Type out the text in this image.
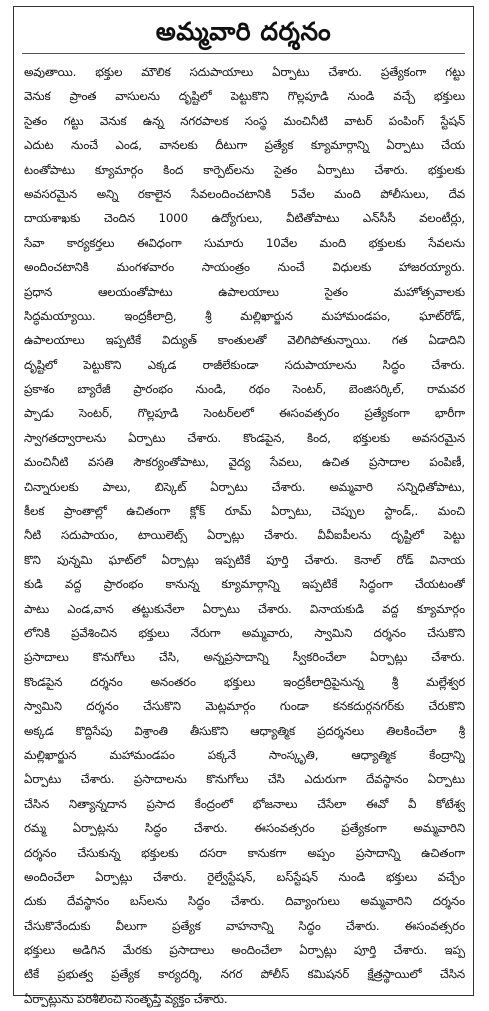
అమ్మవారి దర్శనం
అవుతాయి. భక్తుల మౌలిక సదుపాయాలు ఏర్పాటు చేశారు. ప్రత్యేకంగా గట్టు
వెనుక ప్రాంత వాసులను దృష్టిలో పెట్టుకొని గొల్లపూడి నుండి వచ్చే భక్తులు
సైతం గట్టు వెనుక ఉన్న నగరపాలక సంస్థ మంచినీటి వాటర్ పంపింగ్ స్టేషన్
ఎదుట నుంచే ఎండ, వానలకు దీటుగా ప్రత్యేక క్యూమార్గాన్ని ఏర్పాటు చేయ
టంతోపాటు క్యూమార్గం కింద కార్పెట్‌లను సైతం ఏర్పాటు చేశారు. భక్తులకు
అవసరమైన అన్ని రకాలైన సేవలందించటానికి 5వేల మంది పోలీసులు, దేవ
దాయశాఖకు చెందిన 1000 ఉద్యోగులు, వీటితోపాటు ఎన్‌సీసీ వలంటీర్లు,
సేవా కార్యకర్తలు ఈవిధంగా సుమారు 10వేల మంది భక్తులకు సేవలను
అందించటానికి మంగళవారం సాయంత్రం నుంచే విధులకు హాజరయ్యారు.
ప్రధాన ఆలయంతోపాటు ఉపాలయాలు సైతం మహోత్సవాలకు
సిద్ధమయ్యాయి. ఇంద్రకీలాద్రి, శ్రీ మల్లిఖార్జున మహామండపం, ఘాట్‌రోడ్,
ఉపాలయాలు ఇప్పటికే విద్యుత్ కాంతులతో వెలిగిపోతున్నాయి. గత ఏడాదిని
దృష్టిలో పెట్టుకొని ఎక్కడ రాజీలేకుండా సదుపాయాలను సిద్ధం చేశారు.
ప్రకాశం బ్యారేజీ ప్రారంభం నుండి, రథం సెంటర్, బెంజిసర్కిల్, రామవర
ప్పాడు సెంటర్, గొల్లపూడి సెంటర్‌లలో ఈసంవత్సరం ప్రత్యేకంగా భారీగా
స్వాగతద్వారాలను ఏర్పాటు చేశారు. కొండపైన, కింద, భక్తులకు అవసరమైన
మంచినీటి వసతి సౌకర్యంతోపాటు, వైద్య సేవలు, ఉచిత ప్రసాదాల పంపిణీ,
చిన్నారులకు పాలు, బిస్కెట్ ఏర్పాటు చేశారు. అమ్మవారి సన్నిధితోపాటు,
కీలక ప్రాంతాల్లో ఉచితంగా క్లోక్ రూమ్ ఏర్పాటు, చెప్పుల స్టాండ్,. మంచి
నీటి సదుపాయం, టాయిలెట్స్ ఏర్పాట్లు చేశారు. వీవీఐపీలను దృష్టిలో పెట్టు
కొని పున్నమి ఘాట్‌లో ఏర్పాట్లు ఇప్పటికే పూర్తి చేశారు. కెనాల్ రోడ్ వినాయ
కుడి వద్ద ప్రారంభం కానున్న క్యూమార్గాన్ని ఇప్పటికే సిద్ధంగా చేయటంతో
పాటు ఎండ,వాన తట్టుకునేలా ఏర్పాటు చేశారు. వినాయకుడి వద్ద క్యూమార్గం
లోనికి ప్రవేశించిన భక్తులు నేరుగా అమ్మవారు, స్వామిని దర్శనం చేసుకొని
ప్రసాదాలు కొనుగోలు చేసి, అన్నప్రసాదాన్ని స్వీకరించేలా ఏర్పాట్లు చేశారు.
కొండపైన దర్శనం అనంతరం భక్తులు ఇంద్రకీలాద్రిపైనున్న శ్రీ మల్లేశ్వర
స్వామిని దర్శనం చేసుకొని మెట్లమార్గం గుండా కనకదుర్గనగర్‌కు చేరుకొని
అక్కడ కొద్దిసేపు విశ్రాంతి తీసుకొని ఆధ్యాత్మిక ప్రదర్శనలు తిలకించేలా శ్రీ
మల్లిఖార్జున మహామండపం పక్కనే సాంస్కృతి, ఆధ్యాత్మిక కేంద్రాన్ని
ఏర్పాటు చేశారు. ప్రసాదాలను కొనుగోలు చేసి ఎదురుగా దేవస్థానం ఏర్పాటు
చేసిన నిత్యాన్నదాన ప్రసాద కేంద్రంలో భోజనాలు చేసేలా ఈవో వీ కోటేశ్వ
రమ్మ ఏర్పాట్లను సిద్ధం చేశారు. ఈసంవత్సరం ప్రత్యేకంగా అమ్మవారిని
దర్శనం చేసుకున్న భక్తులకు దసరా కానుకగా అప్పం ప్రసాదాన్ని ఉచితంగా
అందించేలా ఏర్పాట్లు చేశారు. రైల్వేస్టేషన్, బస్‌స్టేషన్ నుండి భక్తులు వచ్చేం
దుకు దేవస్థానం బస్‌లను సిద్ధం చేశారు. దివ్యాంగులు అమ్మవారిని దర్శనం
చేసుకొనేందుకు వీలుగా ప్రత్యేక వాహనాన్ని సిద్ధం చేశారు. ఈసంవత్సరం
భక్తులు అడిగిన మేరకు ప్రసాదాలు అందించేలా ఏర్పాట్లు పూర్తి చేశారు. ఇప్ప
టికే ప్రభుత్వ ప్రత్యేక కార్యదర్శి, నగర పోలీస్ కమిషనర్ క్షేత్రస్థాయిలో చేసిన
ఏర్పాట్లును పరిశీలించి సంతృప్తి వ్యక్తం చేశారు.
